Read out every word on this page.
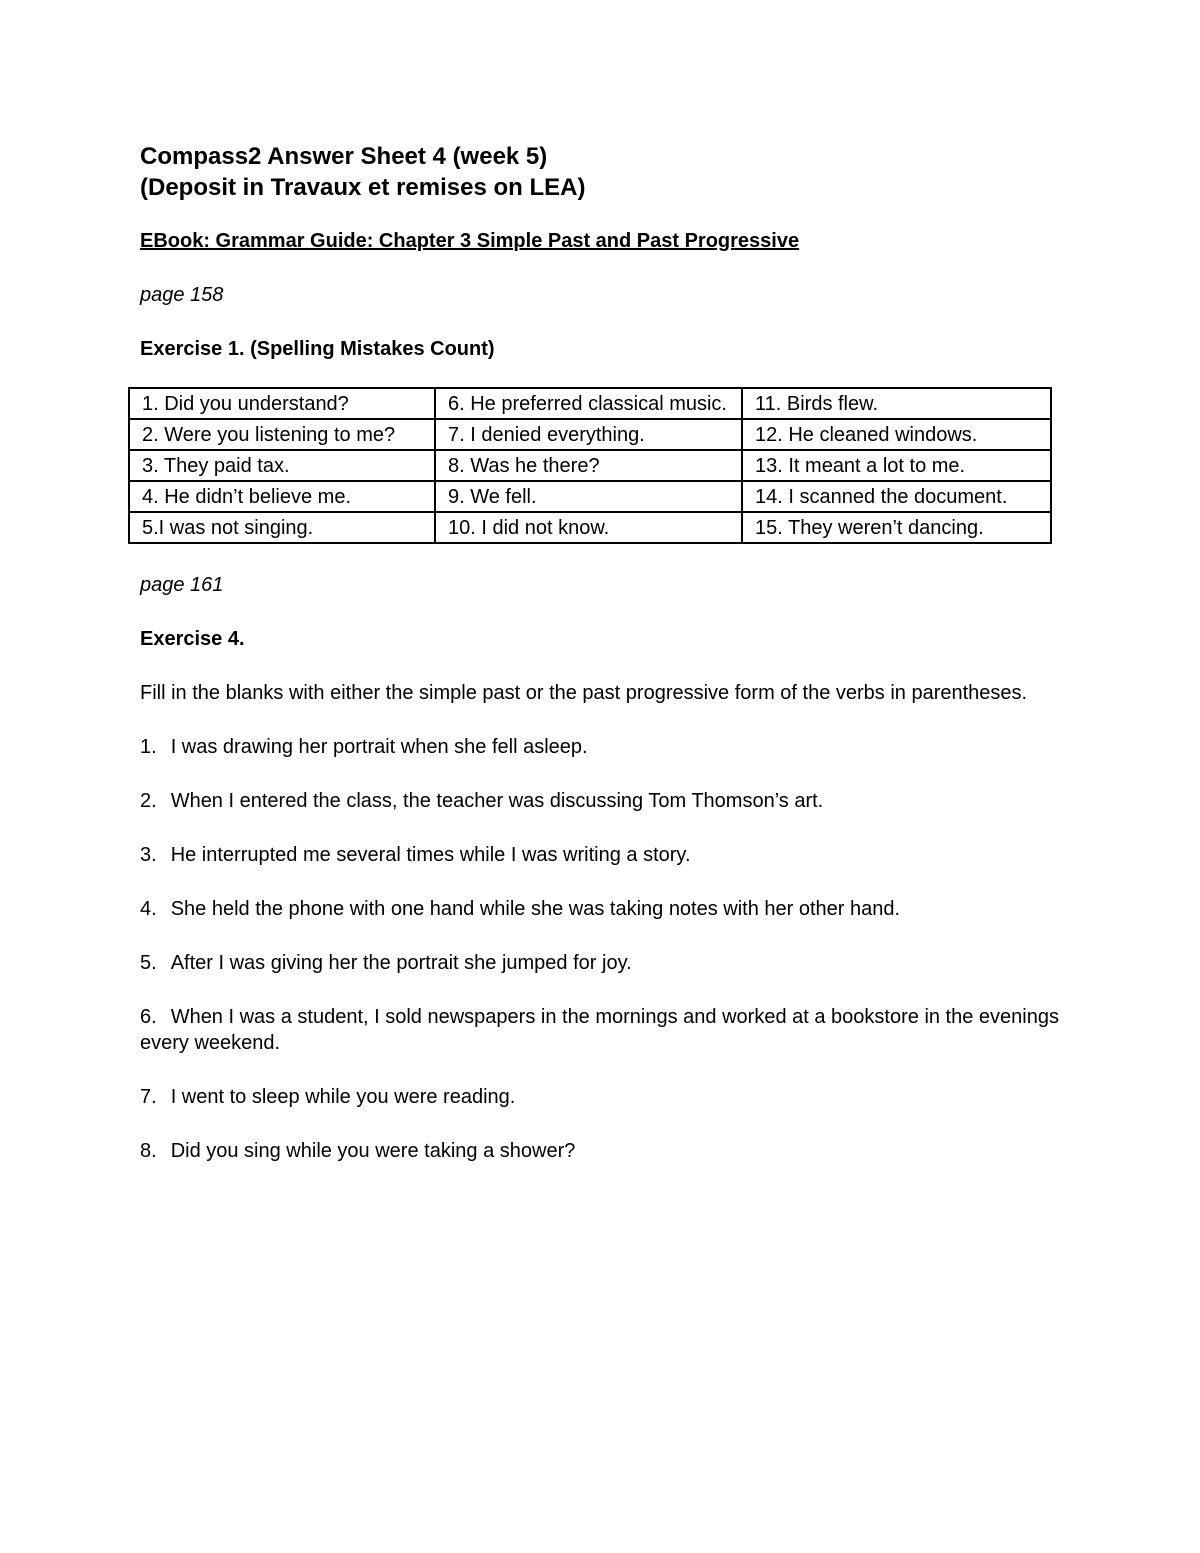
Compass2 Answer Sheet 4 (week 5)
(Deposit in Travaux et remises on LEA)
EBook: Grammar Guide: Chapter 3 Simple Past and Past Progressive
page 158
Exercise 1. (Spelling Mistakes Count)
1. Did you understand?	6. He preferred classical music.	11. Birds flew.
2. Were you listening to me?	7. I denied everything.	12. He cleaned windows.
3. They paid tax.	8. Was he there?	13. It meant a lot to me.
4. He didn’t believe me.	9. We fell.	14. I scanned the document.
5.I was not singing.	10. I did not know.	15. They weren’t dancing.
page 161
Exercise 4.
Fill in the blanks with either the simple past or the past progressive form of the verbs in parentheses.
1. I was drawing her portrait when she fell asleep.
2. When I entered the class, the teacher was discussing Tom Thomson’s art.
3. He interrupted me several times while I was writing a story.
4. She held the phone with one hand while she was taking notes with her other hand.
5. After I was giving her the portrait she jumped for joy.
6. When I was a student, I sold newspapers in the mornings and worked at a bookstore in the evenings every weekend.
7. I went to sleep while you were reading.
8. Did you sing while you were taking a shower?
